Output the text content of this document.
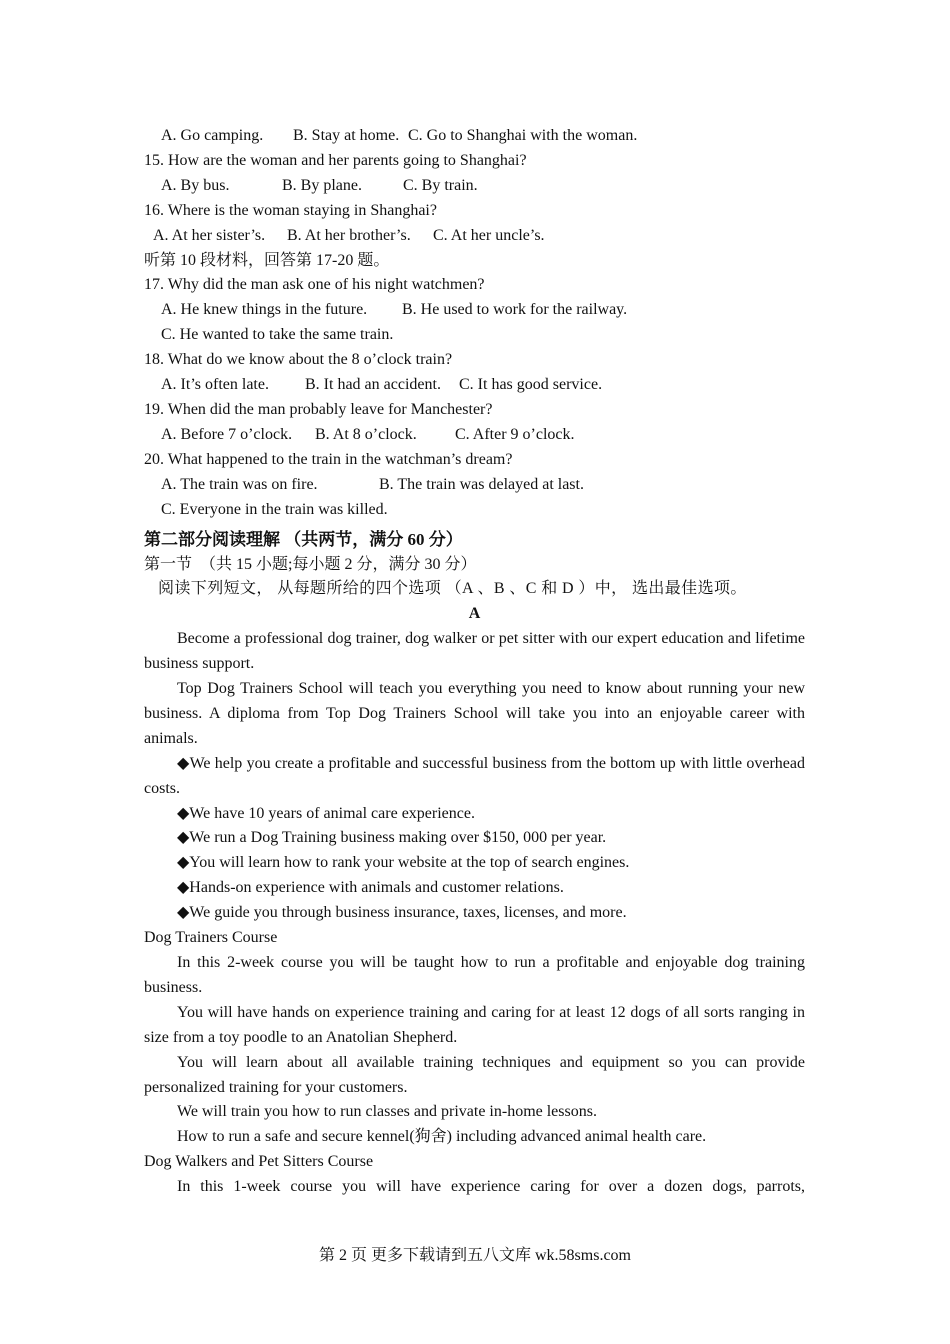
A. Go camping. B. Stay at home. C. Go to Shanghai with the woman.
15. How are the woman and her parents going to Shanghai?
A. By bus.	B. By plane.	C. By train.
16. Where is the woman staying in Shanghai?
A. At her sister’s. B. At her brother’s. C. At her uncle’s.
听第 10 段材料，回答第 17-20 题。
17. Why did the man ask one of his night watchmen?
A. He knew things in the future. B. He used to work for the railway.
C. He wanted to take the same train.
18. What do we know about the 8 o’clock train?
A. It’s often late. B. It had an accident. C. It has good service.
19. When did the man probably leave for Manchester?
A. Before 7 o’clock. B. At 8 o’clock. C. After 9 o’clock.
20. What happened to the train in the watchman’s dream?
A. The train was on fire.	B. The train was delayed at last.
C. Everyone in the train was killed.
第二部分阅读理解 （共两节，满分 60 分）
第一节　（共 15 小题;每小题 2 分，满分 30 分）
阅读下列短文， 从每题所给的四个选项 （A 、B 、C 和 D ）中， 选出最佳选项。
A
Become a professional dog trainer, dog walker or pet sitter with our expert education and lifetime business support.
Top Dog Trainers School will teach you everything you need to know about running your new business. A diploma from Top Dog Trainers School will take you into an enjoyable career with animals.
◆We help you create a profitable and successful business from the bottom up with little overhead costs.
◆We have 10 years of animal care experience.
◆We run a Dog Training business making over $150, 000 per year.
◆You will learn how to rank your website at the top of search engines.
◆Hands-on experience with animals and customer relations.
◆We guide you through business insurance, taxes, licenses, and more.
Dog Trainers Course
In this 2-week course you will be taught how to run a profitable and enjoyable dog training business.
You will have hands on experience training and caring for at least 12 dogs of all sorts ranging in size from a toy poodle to an Anatolian Shepherd.
You will learn about all available training techniques and equipment so you can provide personalized training for your customers.
We will train you how to run classes and private in-home lessons.
How to run a safe and secure kennel(狗舍) including advanced animal health care.
Dog Walkers and Pet Sitters Course
In this 1-week course you will have experience caring for over a dozen dogs, parrots,
第 2 页 更多下载请到五八文库 wk.58sms.com
